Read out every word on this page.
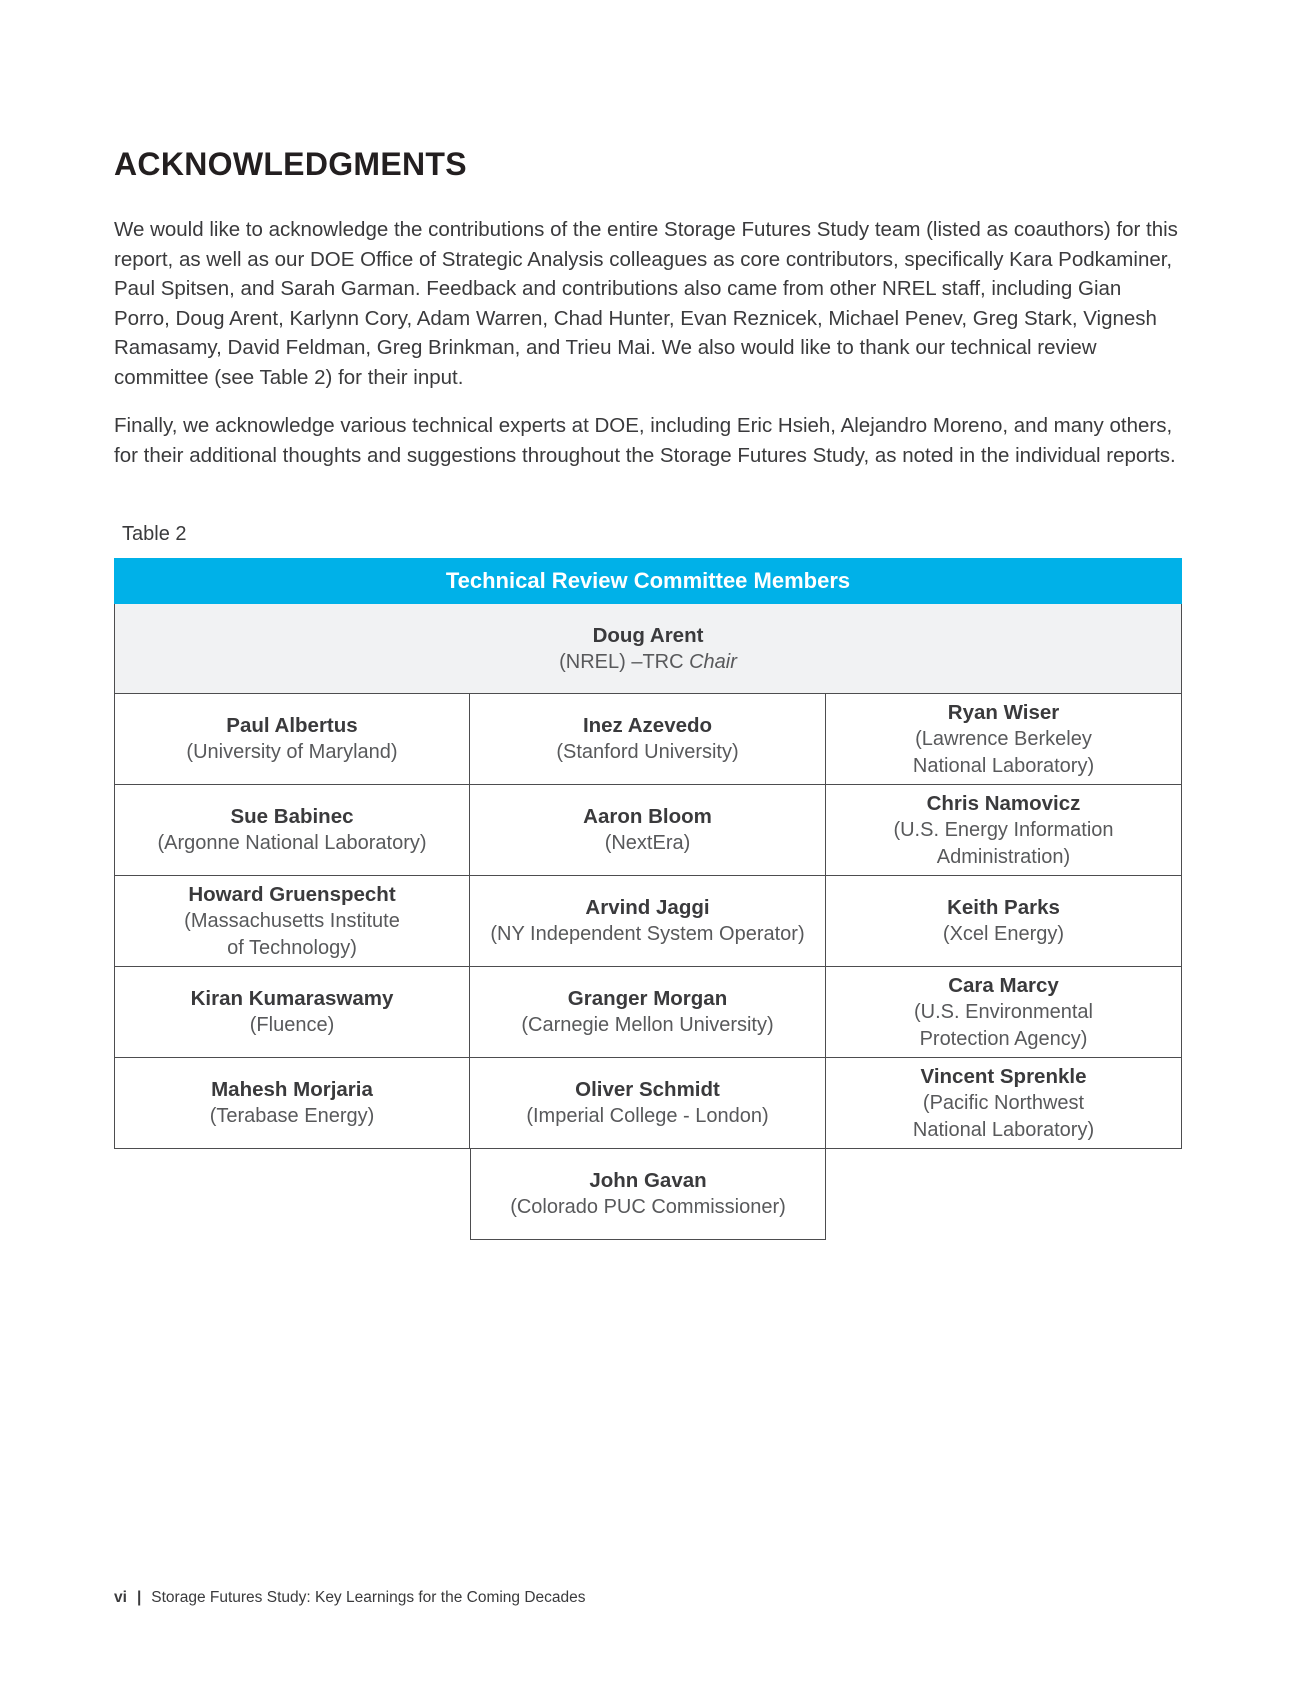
ACKNOWLEDGMENTS

We would like to acknowledge the contributions of the entire Storage Futures Study team (listed as coauthors) for this report, as well as our DOE Office of Strategic Analysis colleagues as core contributors, specifically Kara Podkaminer, Paul Spitsen, and Sarah Garman. Feedback and contributions also came from other NREL staff, including Gian Porro, Doug Arent, Karlynn Cory, Adam Warren, Chad Hunter, Evan Reznicek, Michael Penev, Greg Stark, Vignesh Ramasamy, David Feldman, Greg Brinkman, and Trieu Mai. We also would like to thank our technical review committee (see Table 2) for their input.

Finally, we acknowledge various technical experts at DOE, including Eric Hsieh, Alejandro Moreno, and many others, for their additional thoughts and suggestions throughout the Storage Futures Study, as noted in the individual reports.

Table 2
Technical Review Committee Members
Doug Arent
(NREL) –TRC Chair
Paul Albertus
(University of Maryland)
Inez Azevedo
(Stanford University)
Ryan Wiser
(Lawrence Berkeley
National Laboratory)
Sue Babinec
(Argonne National Laboratory)
Aaron Bloom
(NextEra)
Chris Namovicz
(U.S. Energy Information
Administration)
Howard Gruenspecht
(Massachusetts Institute
of Technology)
Arvind Jaggi
(NY Independent System Operator)
Keith Parks
(Xcel Energy)
Kiran Kumaraswamy
(Fluence)
Granger Morgan
(Carnegie Mellon University)
Cara Marcy
(U.S. Environmental
Protection Agency)
Mahesh Morjaria
(Terabase Energy)
Oliver Schmidt
(Imperial College - London)
Vincent Sprenkle
(Pacific Northwest
National Laboratory)
John Gavan
(Colorado PUC Commissioner)
vi | Storage Futures Study: Key Learnings for the Coming Decades
